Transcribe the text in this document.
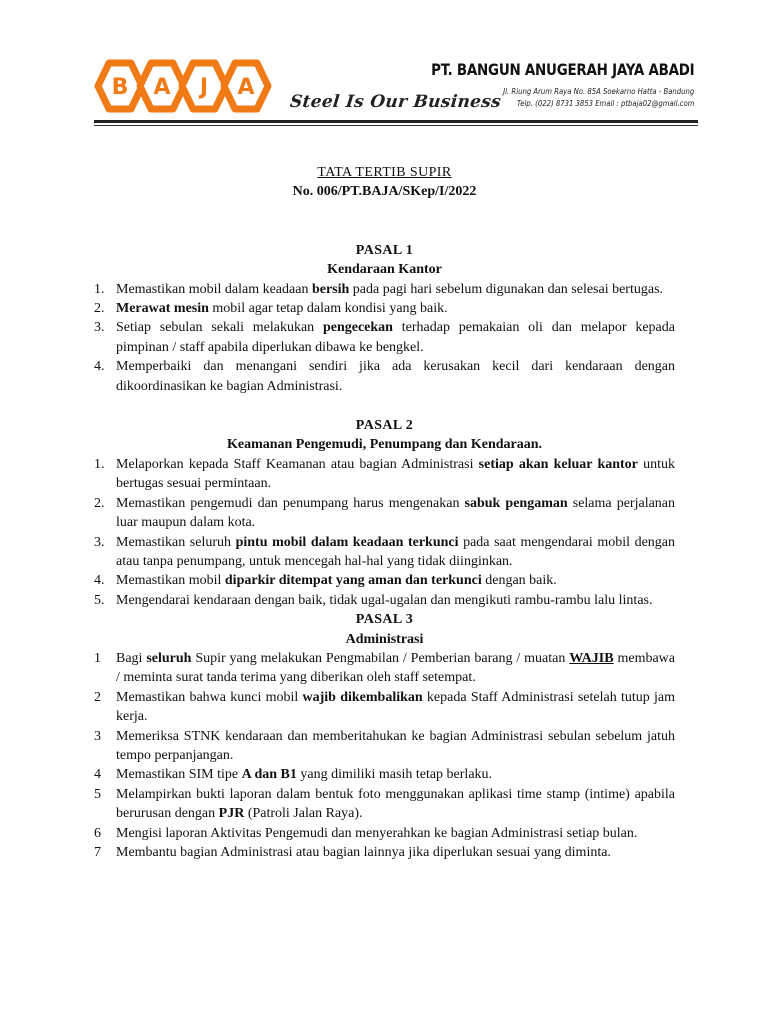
B A J A
Steel Is Our Business
PT. BANGUN ANUGERAH JAYA ABADI
Jl. Riung Arum Raya No. 85A Soekarno Hatta - Bandung
Telp. (022) 8731 3853 Email : ptbaja02@gmail.com
TATA TERTIB SUPIR
No. 006/PT.BAJA/SKep/I/2022
PASAL 1
Kendaraan Kantor
1. Memastikan mobil dalam keadaan bersih pada pagi hari sebelum digunakan dan selesai bertugas.
2. Merawat mesin mobil agar tetap dalam kondisi yang baik.
3. Setiap sebulan sekali melakukan pengecekan terhadap pemakaian oli dan melapor kepada pimpinan / staff apabila diperlukan dibawa ke bengkel.
4. Memperbaiki dan menangani sendiri jika ada kerusakan kecil dari kendaraan dengan dikoordinasikan ke bagian Administrasi.
PASAL 2
Keamanan Pengemudi, Penumpang dan Kendaraan.
1. Melaporkan kepada Staff Keamanan atau bagian Administrasi setiap akan keluar kantor untuk bertugas sesuai permintaan.
2. Memastikan pengemudi dan penumpang harus mengenakan sabuk pengaman selama perjalanan luar maupun dalam kota.
3. Memastikan seluruh pintu mobil dalam keadaan terkunci pada saat mengendarai mobil dengan atau tanpa penumpang, untuk mencegah hal-hal yang tidak diinginkan.
4. Memastikan mobil diparkir ditempat yang aman dan terkunci dengan baik.
5. Mengendarai kendaraan dengan baik, tidak ugal-ugalan dan mengikuti rambu-rambu lalu lintas.
PASAL 3
Administrasi
1 Bagi seluruh Supir yang melakukan Pengmabilan / Pemberian barang / muatan WAJIB membawa / meminta surat tanda terima yang diberikan oleh staff setempat.
2 Memastikan bahwa kunci mobil wajib dikembalikan kepada Staff Administrasi setelah tutup jam kerja.
3 Memeriksa STNK kendaraan dan memberitahukan ke bagian Administrasi sebulan sebelum jatuh tempo perpanjangan.
4 Memastikan SIM tipe A dan B1 yang dimiliki masih tetap berlaku.
5 Melampirkan bukti laporan dalam bentuk foto menggunakan aplikasi time stamp (intime) apabila berurusan dengan PJR (Patroli Jalan Raya).
6 Mengisi laporan Aktivitas Pengemudi dan menyerahkan ke bagian Administrasi setiap bulan.
7 Membantu bagian Administrasi atau bagian lainnya jika diperlukan sesuai yang diminta.
